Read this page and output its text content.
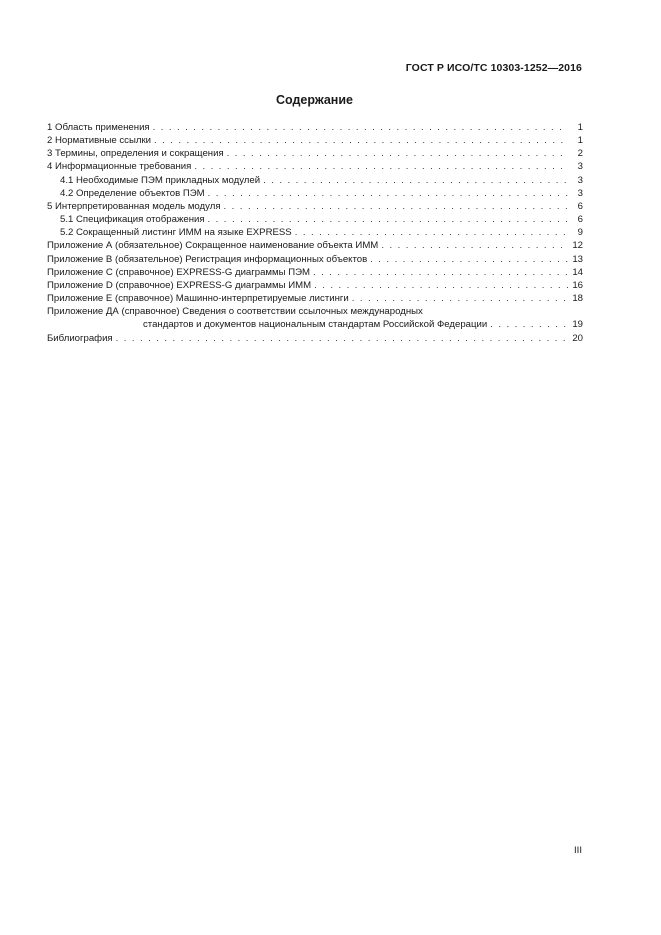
ГОСТ Р ИСО/ТС 10303-1252—2016
Содержание
1 Область применения . . .	1
2 Нормативные ссылки . . .	1
3 Термины, определения и сокращения . . .	2
4 Информационные требования . . .	3
4.1 Необходимые ПЭМ прикладных модулей . . .	3
4.2 Определение объектов ПЭМ . . .	3
5 Интерпретированная модель модуля . . .	6
5.1 Спецификация отображения . . .	6
5.2 Сокращенный листинг ИММ на языке EXPRESS . . .	9
Приложение А (обязательное) Сокращенное наименование объекта ИММ . . .	12
Приложение В (обязательное) Регистрация информационных объектов . . .	13
Приложение С (справочное) EXPRESS-G диаграммы ПЭМ . . .	14
Приложение D (справочное) EXPRESS-G диаграммы ИММ . . .	16
Приложение Е (справочное) Машинно-интерпретируемые листинги . . .	18
Приложение ДА (справочное) Сведения о соответствии ссылочных международных
стандартов и документов национальным стандартам Российской Федерации . . .	19
Библиография . . .	20
III
